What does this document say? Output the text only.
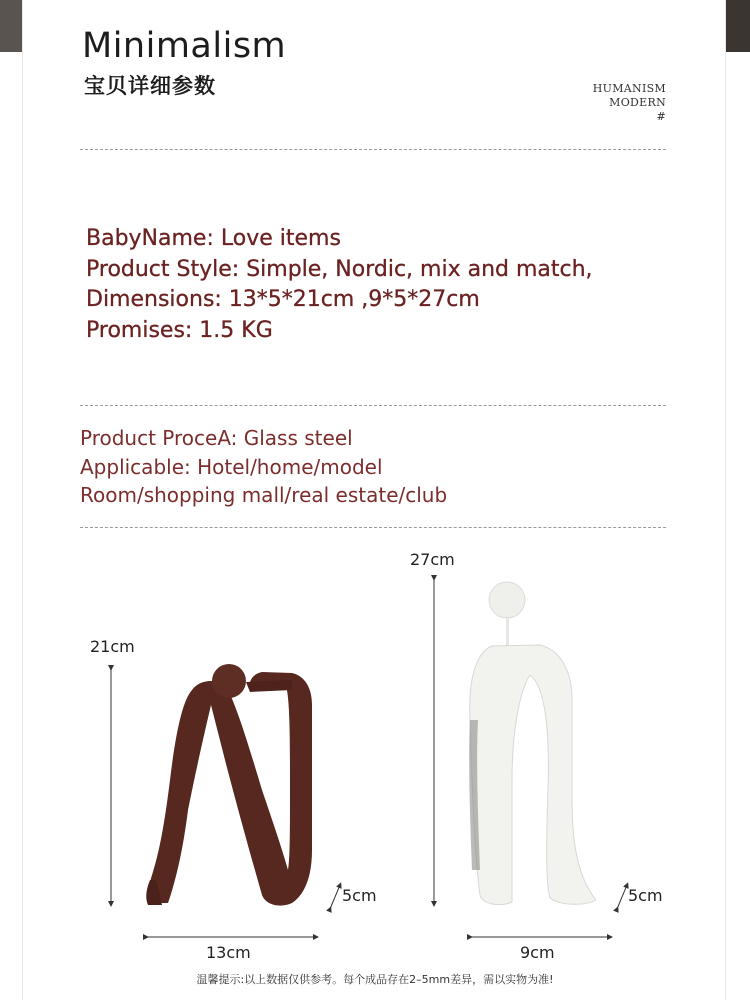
Minimalism
宝贝详细参数	HUMANISM
MODERN
#
BabyName: Love items
Product Style: Simple, Nordic, mix and match,
Dimensions: 13*5*21cm ,9*5*27cm
Promises: 1.5 KG
Product ProceA: Glass steel
Applicable: Hotel/home/model
Room/shopping mall/real estate/club
21cm
13cm
5cm
27cm
9cm
5cm
温馨提示:以上数据仅供参考。每个成品存在2–5mm差异，需以实物为准!
